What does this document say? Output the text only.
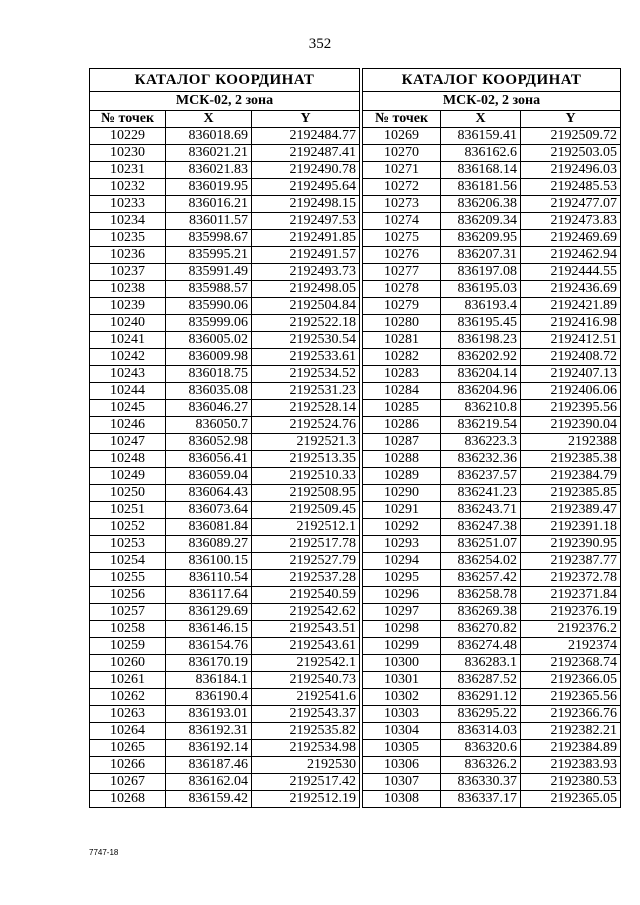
352
КАТАЛОГ КООРДИНАТ		
МСК-02, 2 зона		
№ точек	X	Y
10229	836018.69	2192484.77
10230	836021.21	2192487.41
10231	836021.83	2192490.78
10232	836019.95	2192495.64
10233	836016.21	2192498.15
10234	836011.57	2192497.53
10235	835998.67	2192491.85
10236	835995.21	2192491.57
10237	835991.49	2192493.73
10238	835988.57	2192498.05
10239	835990.06	2192504.84
10240	835999.06	2192522.18
10241	836005.02	2192530.54
10242	836009.98	2192533.61
10243	836018.75	2192534.52
10244	836035.08	2192531.23
10245	836046.27	2192528.14
10246	836050.7	2192524.76
10247	836052.98	2192521.3
10248	836056.41	2192513.35
10249	836059.04	2192510.33
10250	836064.43	2192508.95
10251	836073.64	2192509.45
10252	836081.84	2192512.1
10253	836089.27	2192517.78
10254	836100.15	2192527.79
10255	836110.54	2192537.28
10256	836117.64	2192540.59
10257	836129.69	2192542.62
10258	836146.15	2192543.51
10259	836154.76	2192543.61
10260	836170.19	2192542.1
10261	836184.1	2192540.73
10262	836190.4	2192541.6
10263	836193.01	2192543.37
10264	836192.31	2192535.82
10265	836192.14	2192534.98
10266	836187.46	2192530
10267	836162.04	2192517.42
10268	836159.42	2192512.19
КАТАЛОГ КООРДИНАТ		
МСК-02, 2 зона		
№ точек	X	Y
10269	836159.41	2192509.72
10270	836162.6	2192503.05
10271	836168.14	2192496.03
10272	836181.56	2192485.53
10273	836206.38	2192477.07
10274	836209.34	2192473.83
10275	836209.95	2192469.69
10276	836207.31	2192462.94
10277	836197.08	2192444.55
10278	836195.03	2192436.69
10279	836193.4	2192421.89
10280	836195.45	2192416.98
10281	836198.23	2192412.51
10282	836202.92	2192408.72
10283	836204.14	2192407.13
10284	836204.96	2192406.06
10285	836210.8	2192395.56
10286	836219.54	2192390.04
10287	836223.3	2192388
10288	836232.36	2192385.38
10289	836237.57	2192384.79
10290	836241.23	2192385.85
10291	836243.71	2192389.47
10292	836247.38	2192391.18
10293	836251.07	2192390.95
10294	836254.02	2192387.77
10295	836257.42	2192372.78
10296	836258.78	2192371.84
10297	836269.38	2192376.19
10298	836270.82	2192376.2
10299	836274.48	2192374
10300	836283.1	2192368.74
10301	836287.52	2192366.05
10302	836291.12	2192365.56
10303	836295.22	2192366.76
10304	836314.03	2192382.21
10305	836320.6	2192384.89
10306	836326.2	2192383.93
10307	836330.37	2192380.53
10308	836337.17	2192365.05
7747-18
